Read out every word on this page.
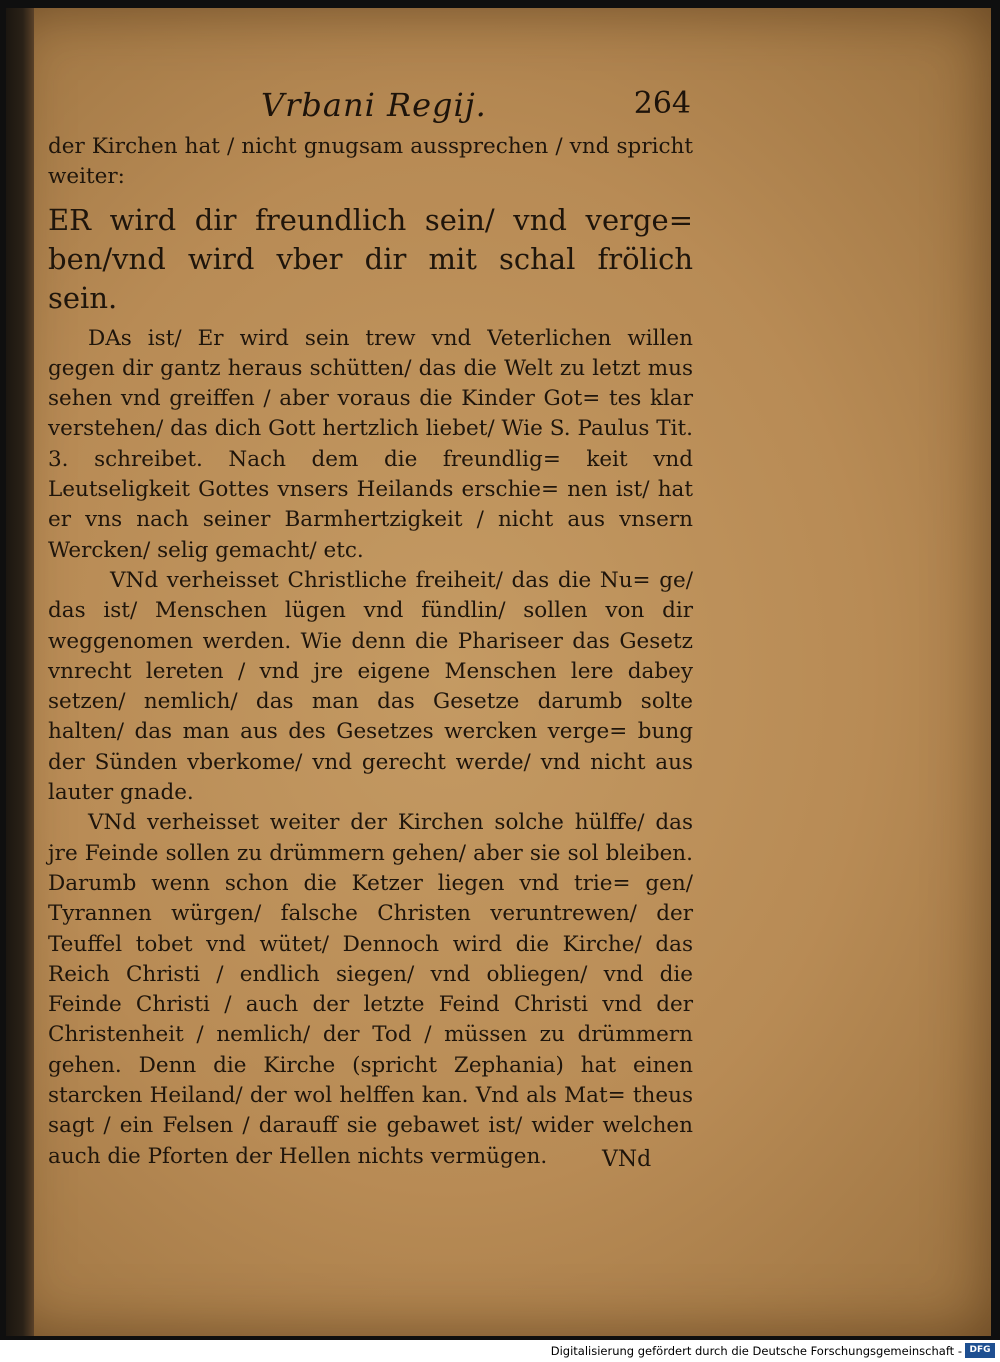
Vrbani Regij.	264

der Kirchen hat / nicht gnugsam aussprechen / vnd spricht weiter:

ER wird dir freundlich sein/ vnd verge= ben/vnd wird vber dir mit schal frölich sein.

DAs ist/ Er wird sein trew vnd Veterlichen willen gegen dir gantz heraus schütten/ das die Welt zu letzt mus sehen vnd greiffen / aber voraus die Kinder Got= tes klar verstehen/ das dich Gott hertzlich liebet/ Wie S. Paulus Tit. 3. schreibet. Nach dem die freundlig= keit vnd Leutseligkeit Gottes vnsers Heilands erschie= nen ist/ hat er vns nach seiner Barmhertzigkeit / nicht aus vnsern Wercken/ selig gemacht/ etc.

VNd verheisset Christliche freiheit/ das die Nu= ge/ das ist/ Menschen lügen vnd fündlin/ sollen von dir weggenomen werden. Wie denn die Phariseer das Gesetz vnrecht lereten / vnd jre eigene Menschen lere dabey setzen/ nemlich/ das man das Gesetze darumb solte halten/ das man aus des Gesetzes wercken verge= bung der Sünden vberkome/ vnd gerecht werde/ vnd nicht aus lauter gnade.

VNd verheisset weiter der Kirchen solche hülffe/ das jre Feinde sollen zu drümmern gehen/ aber sie sol bleiben. Darumb wenn schon die Ketzer liegen vnd trie= gen/ Tyrannen würgen/ falsche Christen veruntrewen/ der Teuffel tobet vnd wütet/ Dennoch wird die Kirche/ das Reich Christi / endlich siegen/ vnd obliegen/ vnd die Feinde Christi / auch der letzte Feind Christi vnd der Christenheit / nemlich/ der Tod / müssen zu drümmern gehen. Denn die Kirche (spricht Zephania) hat einen starcken Heiland/ der wol helffen kan. Vnd als Mat= theus sagt / ein Felsen / darauff sie gebawet ist/ wider welchen auch die Pforten der Hellen nichts vermügen.	VNd
Digitalisierung gefördert durch die Deutsche Forschungsgemeinschaft - DFG
